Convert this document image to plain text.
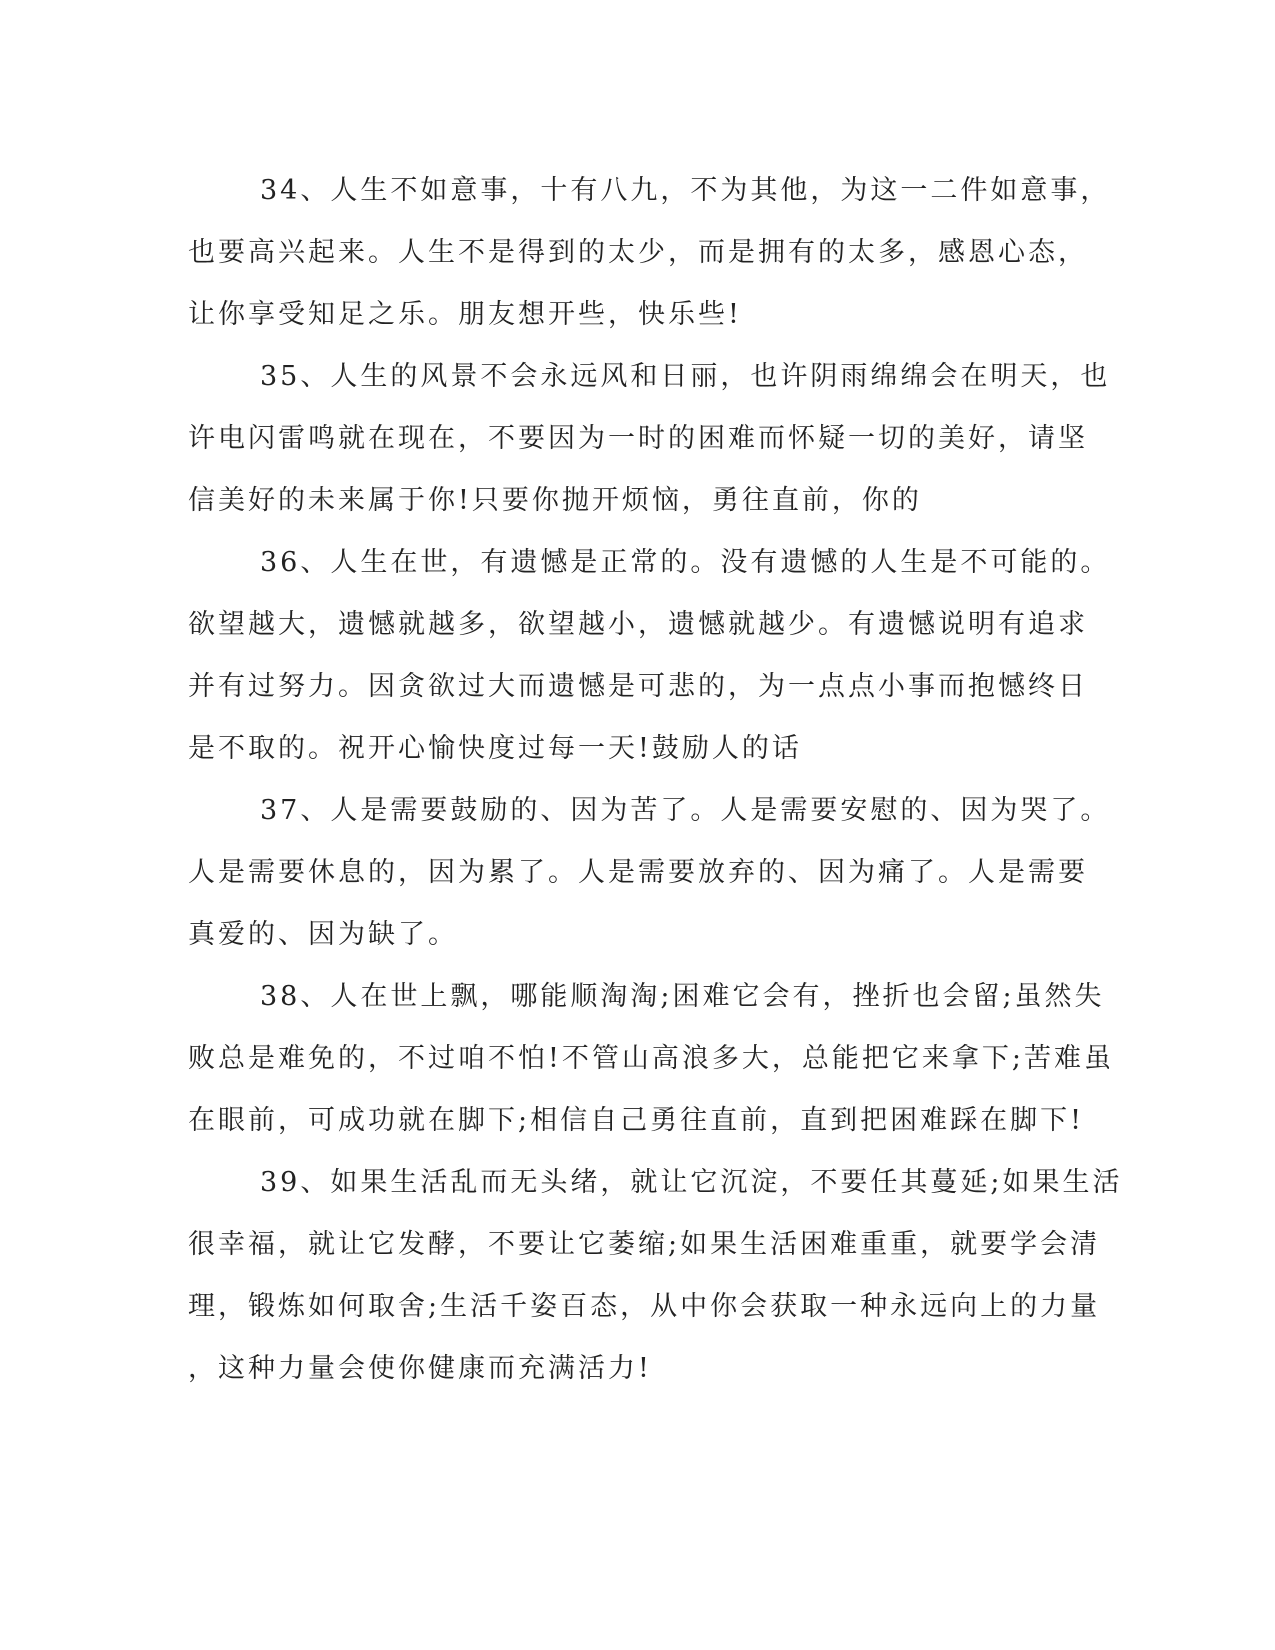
34、人生不如意事，十有八九，不为其他，为这一二件如意事，
也要高兴起来。人生不是得到的太少，而是拥有的太多，感恩心态，
让你享受知足之乐。朋友想开些，快乐些!
35、人生的风景不会永远风和日丽，也许阴雨绵绵会在明天，也
许电闪雷鸣就在现在，不要因为一时的困难而怀疑一切的美好，请坚
信美好的未来属于你!只要你抛开烦恼，勇往直前，你的
36、人生在世，有遗憾是正常的。没有遗憾的人生是不可能的。
欲望越大，遗憾就越多，欲望越小，遗憾就越少。有遗憾说明有追求
并有过努力。因贪欲过大而遗憾是可悲的，为一点点小事而抱憾终日
是不取的。祝开心愉快度过每一天!鼓励人的话
37、人是需要鼓励的、因为苦了。人是需要安慰的、因为哭了。
人是需要休息的，因为累了。人是需要放弃的、因为痛了。人是需要
真爱的、因为缺了。
38、人在世上飘，哪能顺淘淘;困难它会有，挫折也会留;虽然失
败总是难免的，不过咱不怕!不管山高浪多大，总能把它来拿下;苦难虽
在眼前，可成功就在脚下;相信自己勇往直前，直到把困难踩在脚下!
39、如果生活乱而无头绪，就让它沉淀，不要任其蔓延;如果生活
很幸福，就让它发酵，不要让它萎缩;如果生活困难重重，就要学会清
理，锻炼如何取舍;生活千姿百态，从中你会获取一种永远向上的力量
，这种力量会使你健康而充满活力!
